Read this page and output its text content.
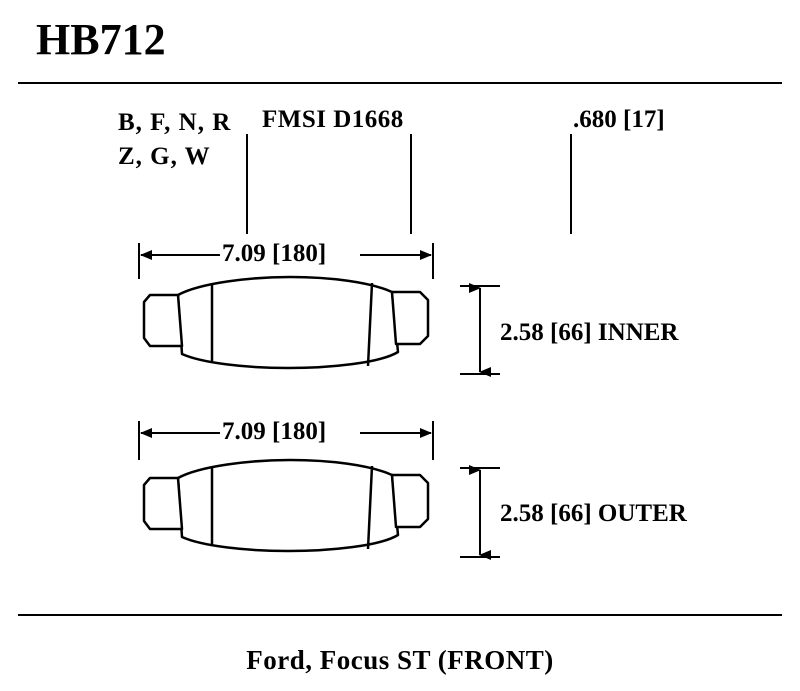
HB712
B, F, N, R
Z, G, W
FMSI D1668	.680 [17]
7.09 [180]
7.09 [180]
2.58 [66] INNER
2.58 [66] OUTER
Ford, Focus ST (FRONT)
